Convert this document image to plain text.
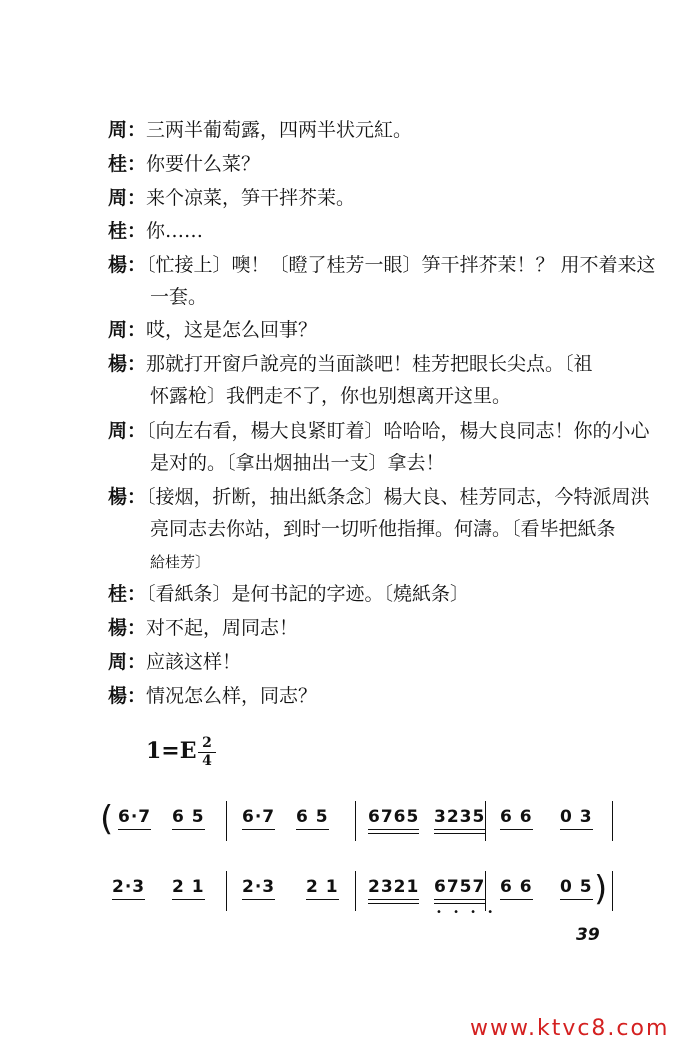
周：三两半葡萄露，四两半状元紅。
桂：你要什么菜？
周：来个凉菜，笋干拌芥茉。
桂：你……
楊：〔忙接上〕噢！〔瞪了桂芳一眼〕笋干拌芥茉！？ 用不着来这
一套。
周：哎，这是怎么回事？
楊：那就打开窗戶說亮的当面談吧！桂芳把眼长尖点。〔祖
怀露枪〕我們走不了，你也别想离开这里。
周：〔向左右看，楊大良紧盯着〕哈哈哈，楊大良同志！你的小心
是对的。〔拿出烟抽出一支〕拿去！
楊：〔接烟，折断，抽出紙条念〕楊大良、桂芳同志，今特派周洪
亮同志去你站，到时一切听他指揮。何濤。〔看毕把紙条
給桂芳〕
桂：〔看紙条〕是何书記的字迹。〔燒紙条〕
楊：对不起，周同志！
周：应該这样！
楊：情况怎么样，同志？
1=E 2
4
( 6·7 6 5 6·7 6 5 6765 3235 6 6 0 3
2·3 2 1 2·3 2 1 2321 6757
• • • •
6 6 0 5 )
39
www.ktvc8.com
